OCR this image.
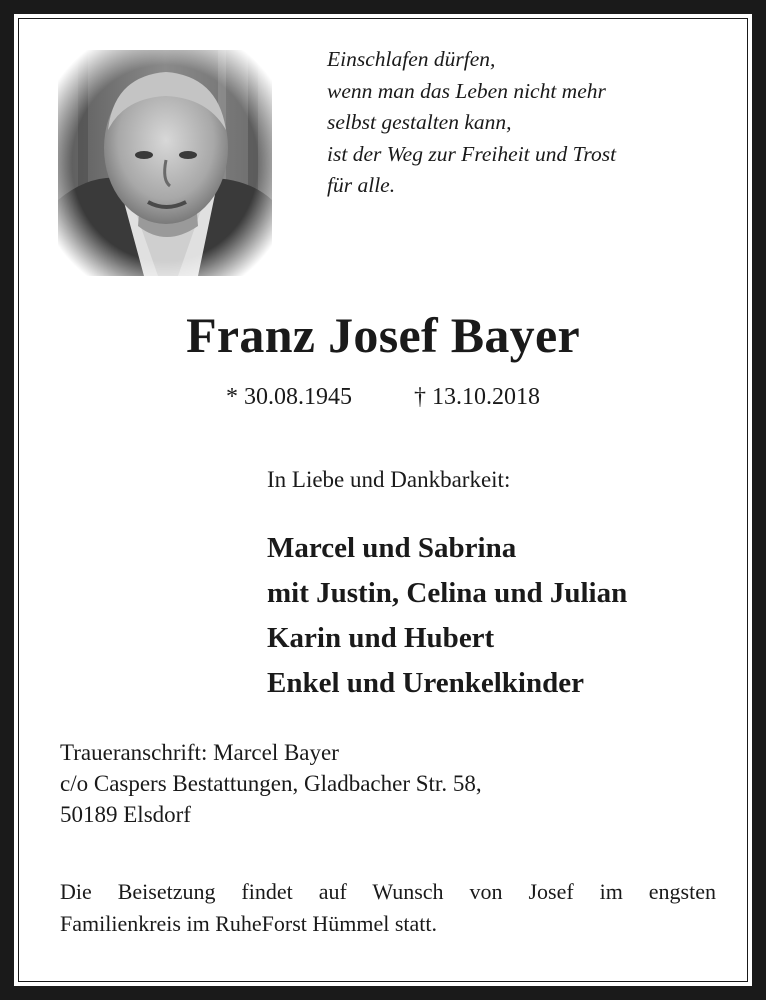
Einschlafen dürfen,
wenn man das Leben nicht mehr
selbst gestalten kann,
ist der Weg zur Freiheit und Trost
für alle.
Franz Josef Bayer
* 30.08.1945	† 13.10.2018
In Liebe und Dankbarkeit:
Marcel und Sabrina
mit Justin, Celina und Julian
Karin und Hubert
Enkel und Urenkelkinder
Traueranschrift: Marcel Bayer
c/o Caspers Bestattungen, Gladbacher Str. 58,
50189 Elsdorf
Die Beisetzung findet auf Wunsch von Josef im engsten
Familienkreis im RuheForst Hümmel statt.
